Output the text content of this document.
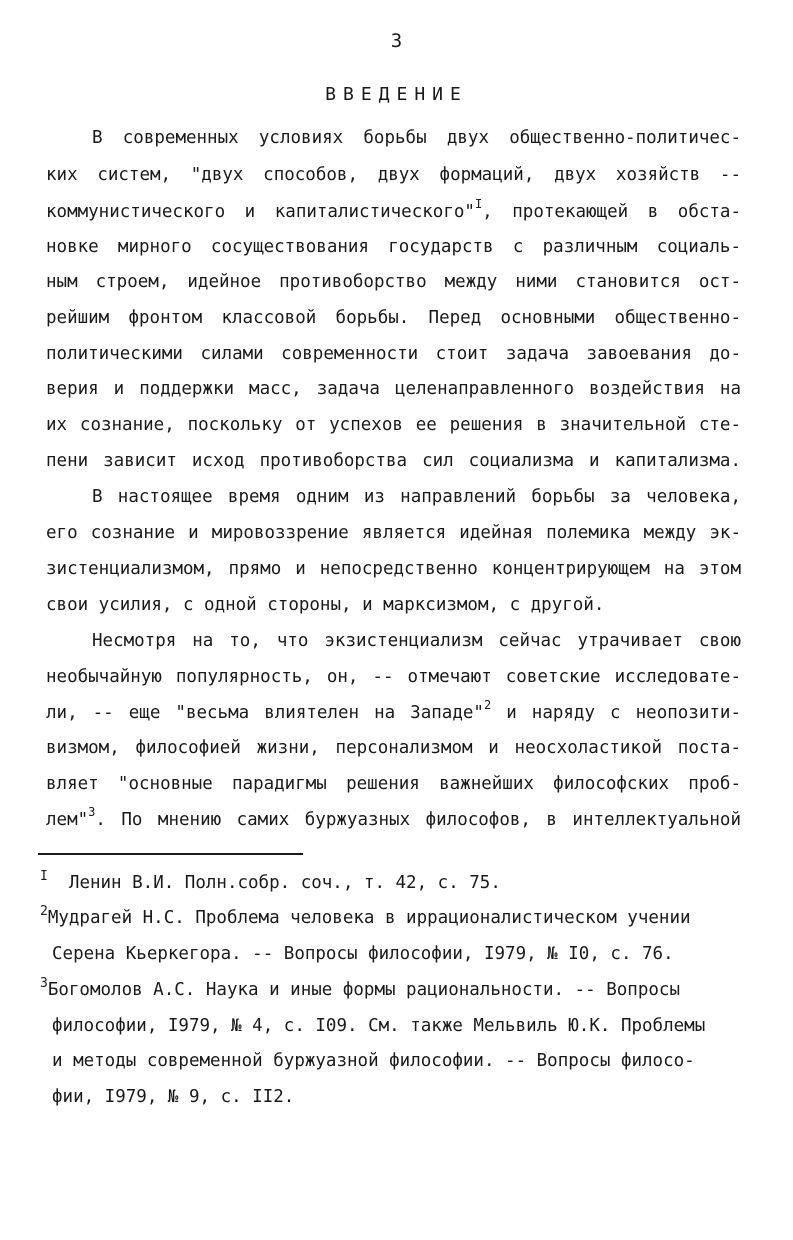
3
ВВЕДЕНИЕ
В современных условиях борьбы двух общественно-политичес-
ких систем, "двух способов, двух формаций, двух хозяйств --
коммунистического и капиталистического"$^I$, протекающей в обста-
новке мирного сосуществования государств с различным социаль-
ным строем, идейное противоборство между ними становится ост-
рейшим фронтом классовой борьбы. Перед основными общественно-
политическими силами современности стоит задача завоевания до-
верия и поддержки масс, задача целенаправленного воздействия на
их сознание, поскольку от успехов ее решения в значительной сте-
пени зависит исход противоборства сил социализма и капитализма.
В настоящее время одним из направлений борьбы за человека,
его сознание и мировоззрение является идейная полемика между эк-
зистенциализмом, прямо и непосредственно концентрирующем на этом
свои усилия, с одной стороны, и марксизмом, с другой.
Несмотря на то, что экзистенциализм сейчас утрачивает свою
необычайную популярность, он, -- отмечают советские исследовате-
ли, -- еще "весьма влиятелен на Западе"$^2$ и наряду с неопозити-
визмом, философией жизни, персонализмом и неосхоластикой поста-
вляет "основные парадигмы решения важнейших философских проб-
лем"$^3$. По мнению самих буржуазных философов, в интеллектуальной
$^I$ Ленин В.И. Полн.собр. соч., т. 42, с. 75.
$^2$Мудрагей Н.С. Проблема человека в иррационалистическом учении
Серена Кьеркегора. -- Вопросы философии, I979, № I0, с. 76.
$^3$Богомолов А.С. Наука и иные формы рациональности. -- Вопросы
философии, I979, № 4, с. I09. См. также Мельвиль Ю.К. Проблемы
и методы современной буржуазной философии. -- Вопросы филосо-
фии, I979, № 9, с. II2.
